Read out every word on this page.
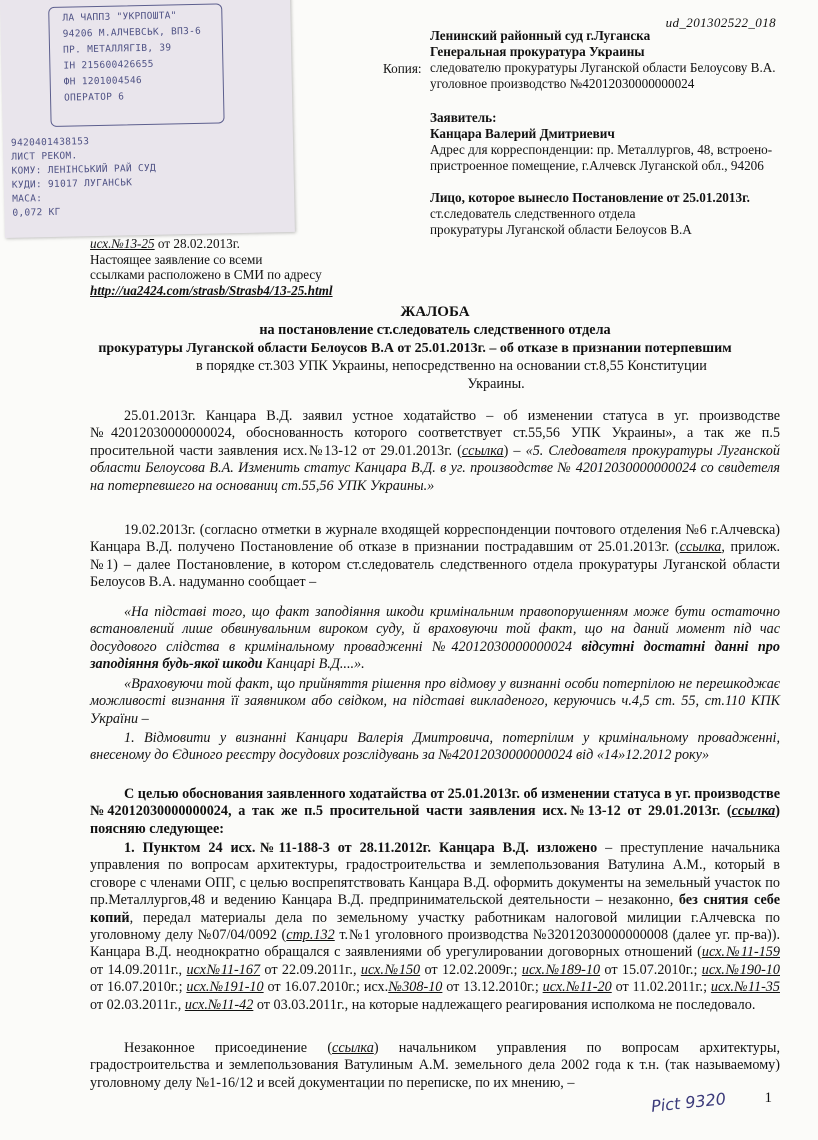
ЛА ЧАПП3 "УКРПОШТА"
94206 М.АЛЧЕВСЬК, ВПЗ-6
ПР. МЕТАЛЛЯГIВ, 39
IН 215600426655
ФН 1201004546
ОПЕРАТОР 6
9420401438153
ЛИСТ РЕКОМ.
КОМУ: ЛЕНIНСЬКИЙ РАЙ СУД
КУДИ: 91017 ЛУГАНСЬК
МАСА:
0,072 КГ
ud_201302522_018
Ленинский районный суд г.Луганска
Генеральная прокуратура Украины
Копия: следователю прокуратуры Луганской области Белоусову В.А.
уголовное производство №42012030000000024
Заявитель:
Канцара Валерий Дмитриевич
Адрес для корреспонденции: пр. Металлургов, 48, встроено-
пристроенное помещение, г.Алчевск Луганской обл., 94206
Лицо, которое вынесло Постановление от 25.01.2013г.
ст.следователь следственного отдела
прокуратуры Луганской области Белоусов В.А
исх.№13-25 от 28.02.2013г.
Настоящее заявление со всеми
ссылками расположено в СМИ по адресу
http://ua2424.com/strasb/Strasb4/13-25.html
ЖАЛОБА
на постановление ст.следователь следственного отдела
прокуратуры Луганской области Белоусов В.А от 25.01.2013г. – об отказе в признании потерпевшим
в порядке ст.303 УПК Украины, непосредственно на основании ст.8,55 Конституции
Украины.
25.01.2013г. Канцара В.Д. заявил устное ходатайство – об изменении статуса в уг. производстве №42012030000000024, обоснованность которого соответствует ст.55,56 УПК Украины», а так же п.5 просительной части заявления исх.№13-12 от 29.01.2013г. (ссылка) – «5. Следователя прокуратуры Луганской области Белоусова В.А. Изменить статус Канцара В.Д. в уг. производстве № 42012030000000024 со свидетеля на потерпевшего на основаниц ст.55,56 УПК Украины.»
19.02.2013г. (согласно отметки в журнале входящей корреспонденции почтового отделения №6 г.Алчевска) Канцара В.Д. получено Постановление об отказе в признании пострадавшим от 25.01.2013г. (ссылка, прилож.№1) – далее Постановление, в котором ст.следователь следственного отдела прокуратуры Луганской области Белоусов В.А. надуманно сообщает –
«На підставі того, що факт заподіяння шкоди кримінальним правопорушенням може бути остаточно встановлений лише обвинувальним вироком суду, й враховуючи той факт, що на даний момент під час досудового слідства в кримінальному провадженні №42012030000000024 відсутні достатні данні про заподіяння будь-якої шкоди Канцарі В.Д....».
«Враховуючи той факт, що прийняття рішення про відмову у визнанні особи потерпілою не перешкоджає можливості визнання її заявником або свідком, на підставі викладеного, керуючись ч.4,5 ст. 55, ст.110 КПК України –
1. Відмовити у визнанні Канцари Валерія Дмитровича, потерпілим у кримінальному провадженні, внесеному до Єдиного реєстру досудових розслідувань за №42012030000000024 від «14»12.2012 року»
С целью обоснования заявленного ходатайства от 25.01.2013г. об изменении статуса в уг. производстве №42012030000000024, а так же п.5 просительной части заявления исх.№13-12 от 29.01.2013г. (ссылка) поясняю следующее:
1. Пунктом 24 исх.№11-188-3 от 28.11.2012г. Канцара В.Д. изложено – преступление начальника управления по вопросам архитектуры, градостроительства и землепользования Ватулина А.М., который в сговоре с членами ОПГ, с целью воспрепятствовать Канцара В.Д. оформить документы на земельный участок по пр.Металлургов,48 и ведению Канцара В.Д. предпринимательской деятельности – незаконно, без снятия себе копий, передал материалы дела по земельному участку работникам налоговой милиции г.Алчевска по уголовному делу №07/04/0092 (стр.132 т.№1 уголовного производства №32012030000000008 (далее уг. пр-ва)). Канцара В.Д. неоднократно обращался с заявлениями об урегулировании договорных отношений (исх.№11-159 от 14.09.2011г., исх№11-167 от 22.09.2011г., исх.№150 от 12.02.2009г.; исх.№189-10 от 15.07.2010г.; исх.№190-10 от 16.07.2010г.; исх.№191-10 от 16.07.2010г.; исх.№308-10 от 13.12.2010г.; исх.№11-20 от 11.02.2011г.; исх.№11-35 от 02.03.2011г., исх.№11-42 от 03.03.2011г., на которые надлежащего реагирования исполкома не последовало.
Незаконное присоединение (ссылка) начальником управления по вопросам архитектуры, градостроительства и землепользования Ватулиным А.М. земельного дела 2002 года к т.н. (так называемому) уголовному делу №1-16/12 и всей документации по переписке, по их мнению, –
Pict 9320	1
